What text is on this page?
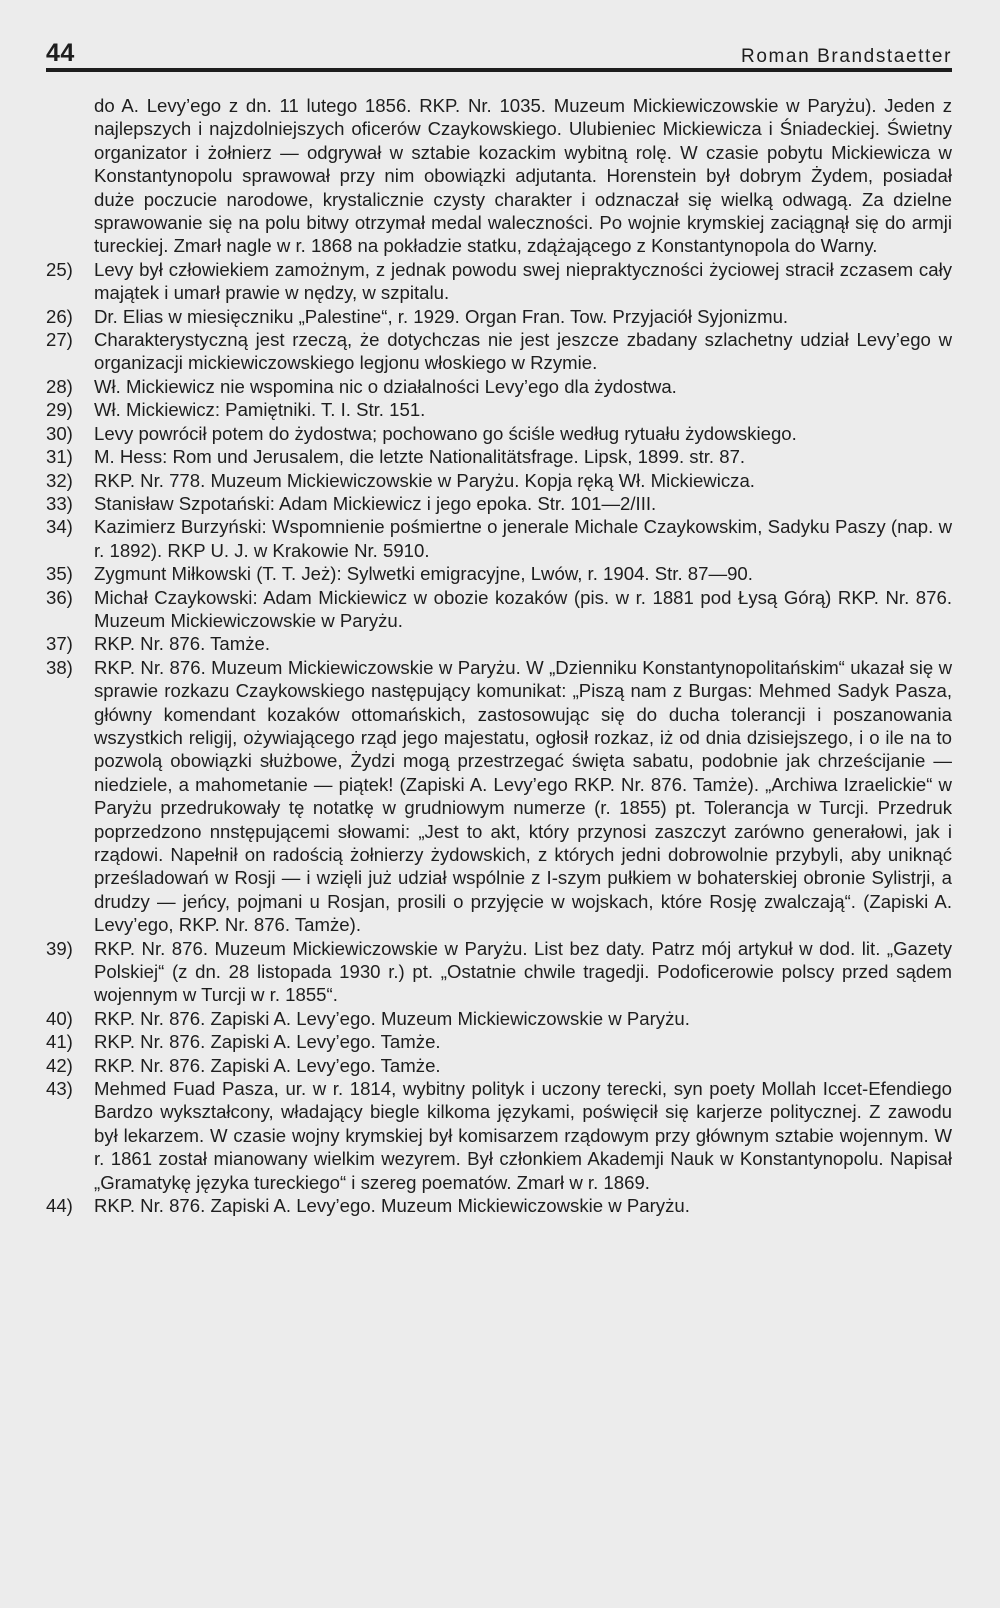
44	Roman Brandstaetter
do A. Levy’ego z dn. 11 lutego 1856. RKP. Nr. 1035. Muzeum Mickiewiczowskie w Paryżu). Jeden z najlepszych i najzdolniejszych oficerów Czaykowskiego. Ulubieniec Mickiewicza i Śniadeckiej. Świetny organizator i żołnierz — odgrywał w sztabie kozackim wybitną rolę. W czasie pobytu Mickiewicza w Konstantynopolu sprawował przy nim obowiązki adjutanta. Horenstein był dobrym Żydem, posiadał duże poczucie narodowe, krystalicznie czysty charakter i odznaczał się wielką odwagą. Za dzielne sprawowanie się na polu bitwy otrzymał medal waleczności. Po wojnie krymskiej zaciągnął się do armji tureckiej. Zmarł nagle w r. 1868 na pokładzie statku, zdążającego z Konstantynopola do Warny.
25)	Levy był człowiekiem zamożnym, z jednak powodu swej niepraktyczności życiowej stracił zczasem cały majątek i umarł prawie w nędzy, w szpitalu.
26)	Dr. Elias w miesięczniku „Palestine“, r. 1929. Organ Fran. Tow. Przyjaciół Syjonizmu.
27)	Charakterystyczną jest rzeczą, że dotychczas nie jest jeszcze zbadany szlachetny udział Levy’ego w organizacji mickiewiczowskiego legjonu włoskiego w Rzymie.
28)	Wł. Mickiewicz nie wspomina nic o działalności Levy’ego dla żydostwa.
29)	Wł. Mickiewicz: Pamiętniki. T. I. Str. 151.
30)	Levy powrócił potem do żydostwa; pochowano go ściśle według rytuału żydowskiego.
31)	M. Hess: Rom und Jerusalem, die letzte Nationalitätsfrage. Lipsk, 1899. str. 87.
32)	RKP. Nr. 778. Muzeum Mickiewiczowskie w Paryżu. Kopja ręką Wł. Mickiewicza.
33)	Stanisław Szpotański: Adam Mickiewicz i jego epoka. Str. 101—2/III.
34)	Kazimierz Burzyński: Wspomnienie pośmiertne o jenerale Michale Czaykowskim, Sadyku Paszy (nap. w r. 1892). RKP U. J. w Krakowie Nr. 5910.
35)	Zygmunt Miłkowski (T. T. Jeż): Sylwetki emigracyjne, Lwów, r. 1904. Str. 87—90.
36)	Michał Czaykowski: Adam Mickiewicz w obozie kozaków (pis. w r. 1881 pod Łysą Górą) RKP. Nr. 876. Muzeum Mickiewiczowskie w Paryżu.
37)	RKP. Nr. 876. Tamże.
38)	RKP. Nr. 876. Muzeum Mickiewiczowskie w Paryżu. W „Dzienniku Konstantynopolitańskim“ ukazał się w sprawie rozkazu Czaykowskiego następujący komunikat: „Piszą nam z Burgas: Mehmed Sadyk Pasza, główny komendant kozaków ottomańskich, zastosowując się do ducha tolerancji i poszanowania wszystkich religij, ożywiającego rząd jego majestatu, ogłosił rozkaz, iż od dnia dzisiejszego, i o ile na to pozwolą obowiązki służbowe, Żydzi mogą przestrzegać święta sabatu, podobnie jak chrześcijanie — niedziele, a mahometanie — piątek! (Zapiski A. Levy’ego RKP. Nr. 876. Tamże). „Archiwa Izraelickie“ w Paryżu przedrukowały tę notatkę w grudniowym numerze (r. 1855) pt. Tolerancja w Turcji. Przedruk poprzedzono nnstępującemi słowami: „Jest to akt, który przynosi zaszczyt zarówno generałowi, jak i rządowi. Napełnił on radością żołnierzy żydowskich, z których jedni dobrowolnie przybyli, aby uniknąć prześladowań w Rosji — i wzięli już udział wspólnie z I-szym pułkiem w bohaterskiej obronie Sylistrji, a drudzy — jeńcy, pojmani u Rosjan, prosili o przyjęcie w wojskach, które Rosję zwalczają“. (Zapiski A. Levy’ego, RKP. Nr. 876. Tamże).
39)	RKP. Nr. 876. Muzeum Mickiewiczowskie w Paryżu. List bez daty. Patrz mój artykuł w dod. lit. „Gazety Polskiej“ (z dn. 28 listopada 1930 r.) pt. „Ostatnie chwile tragedji. Podoficerowie polscy przed sądem wojennym w Turcji w r. 1855“.
40)	RKP. Nr. 876. Zapiski A. Levy’ego. Muzeum Mickiewiczowskie w Paryżu.
41)	RKP. Nr. 876. Zapiski A. Levy’ego. Tamże.
42)	RKP. Nr. 876. Zapiski A. Levy’ego. Tamże.
43)	Mehmed Fuad Pasza, ur. w r. 1814, wybitny polityk i uczony terecki, syn poety Mollah Iccet-Efendiego Bardzo wykształcony, władający biegle kilkoma językami, poświęcił się karjerze politycznej. Z zawodu był lekarzem. W czasie wojny krymskiej był komisarzem rządowym przy głównym sztabie wojennym. W r. 1861 został mianowany wielkim wezyrem. Był członkiem Akademji Nauk w Konstantynopolu. Napisał „Gramatykę języka tureckiego“ i szereg poematów. Zmarł w r. 1869.
44)	RKP. Nr. 876. Zapiski A. Levy’ego. Muzeum Mickiewiczowskie w Paryżu.
